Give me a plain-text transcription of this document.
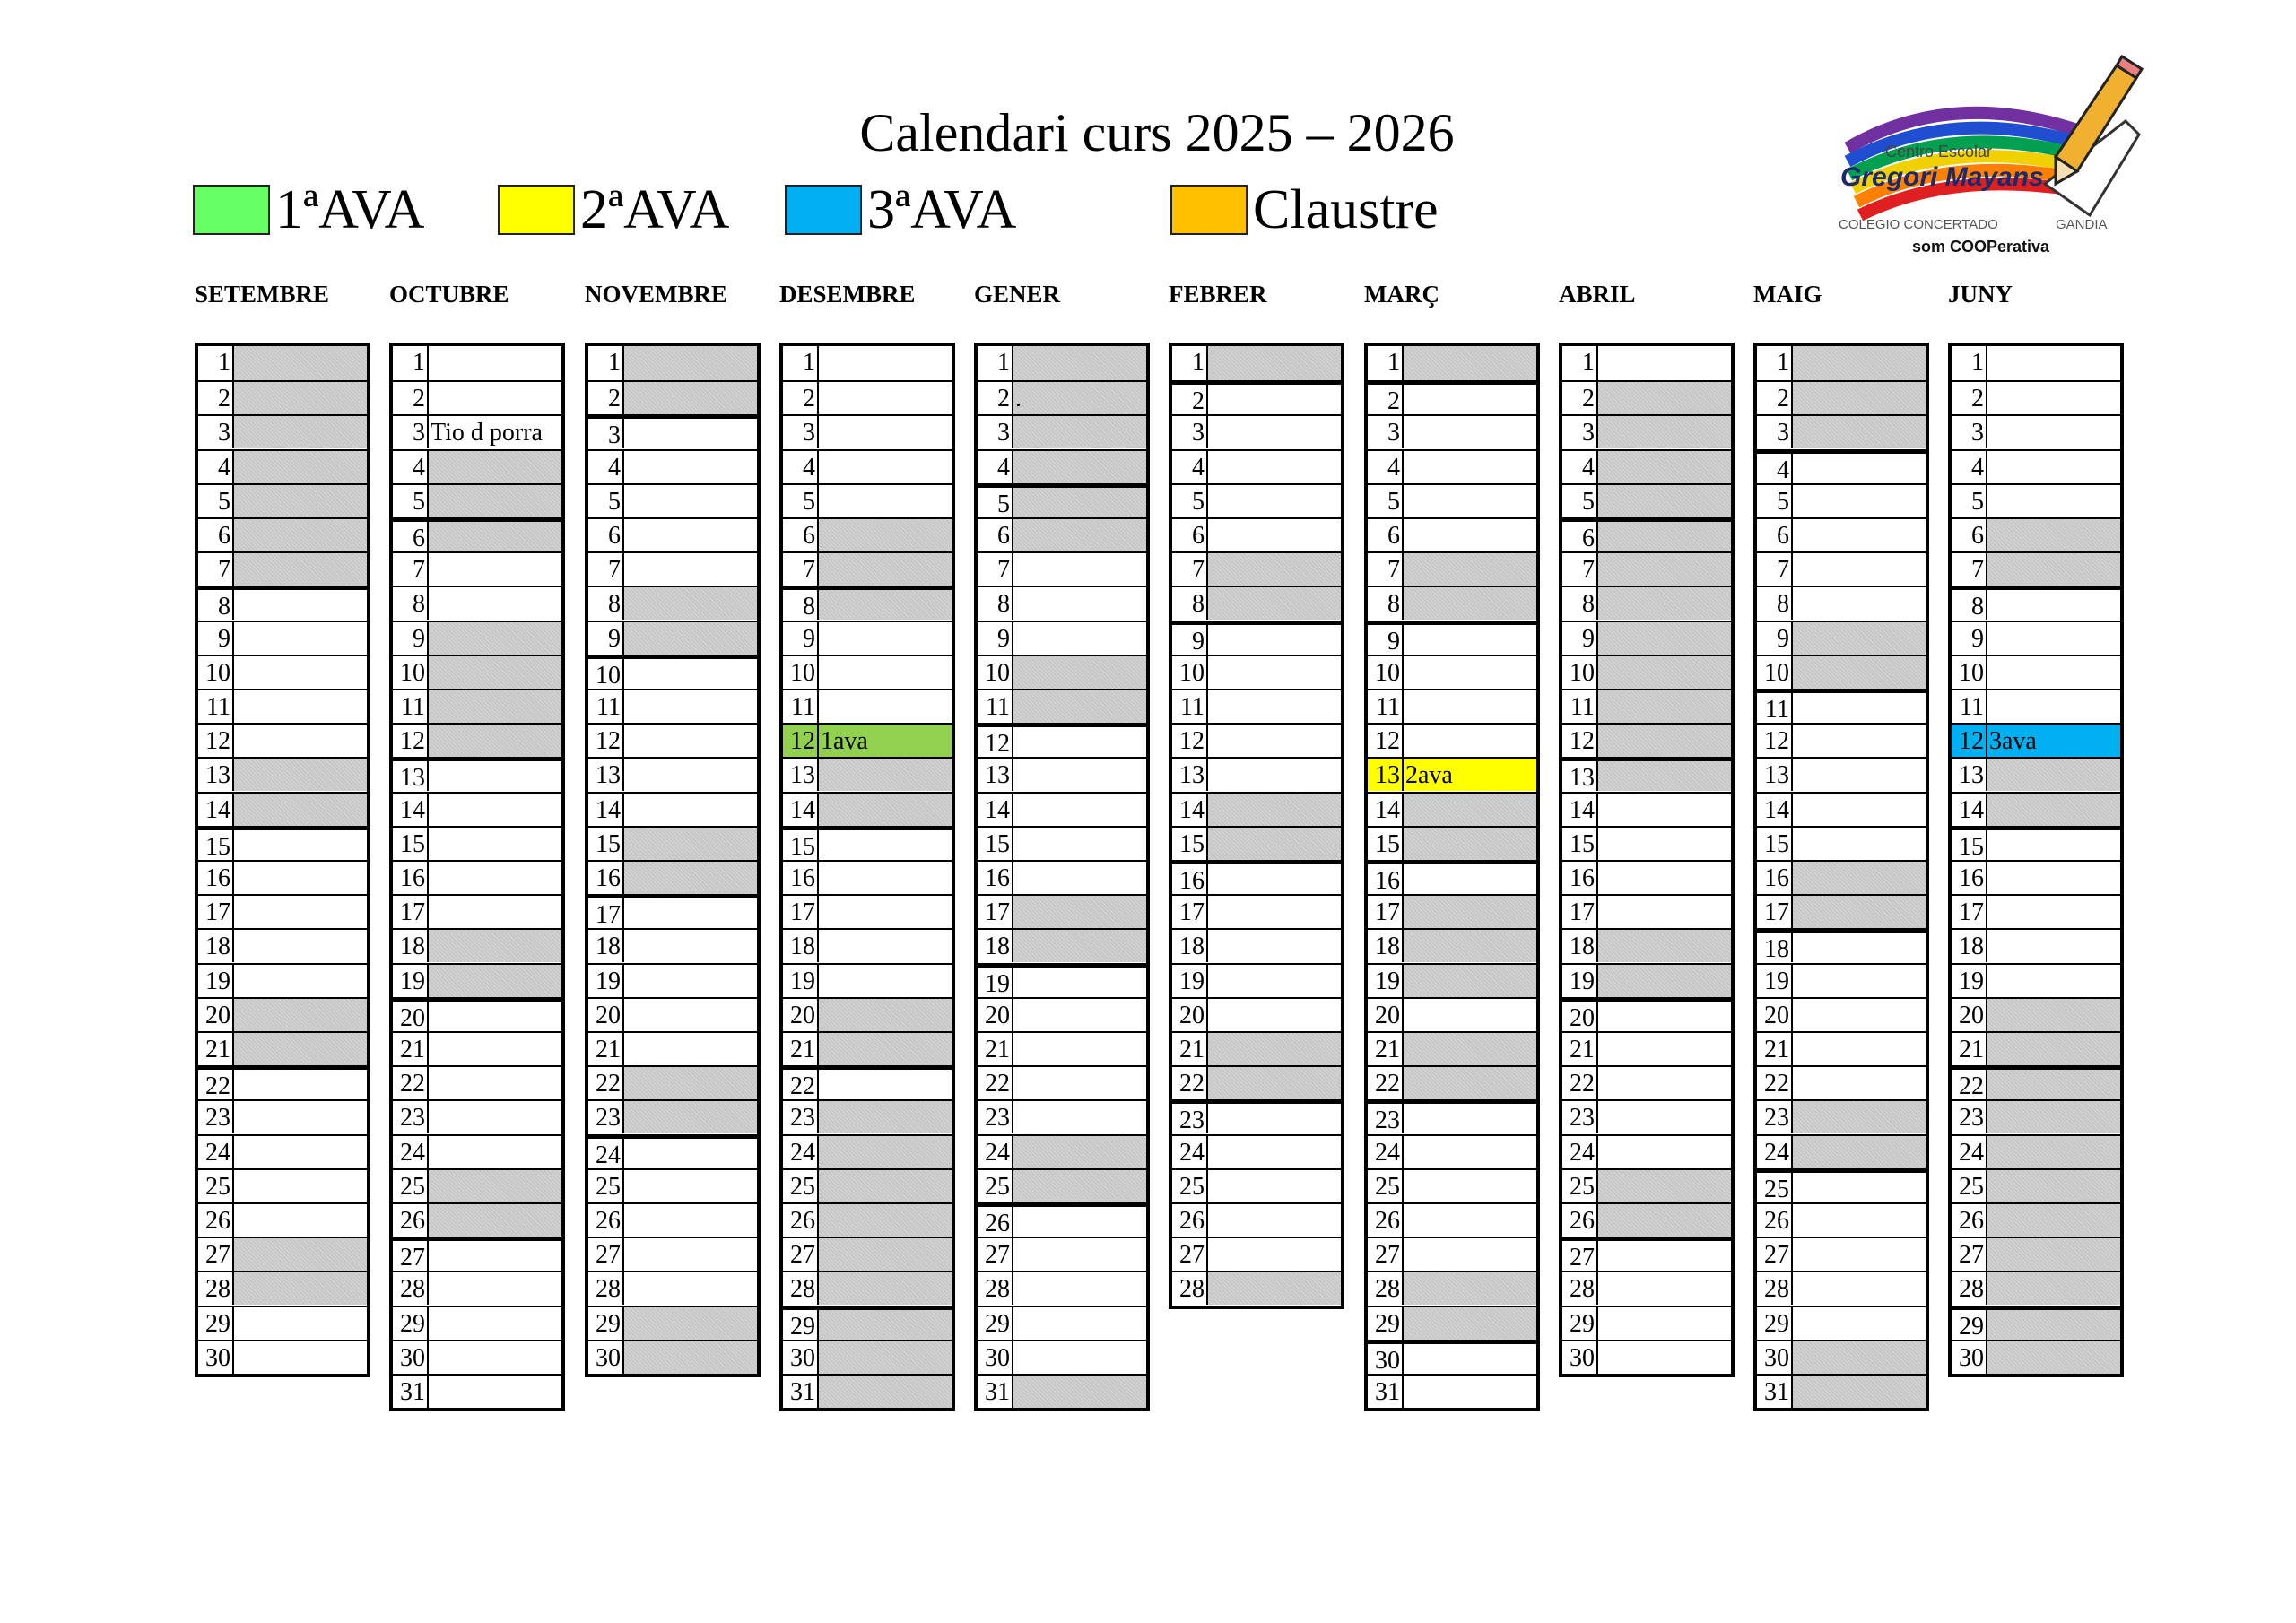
Calendari curs 2025 – 2026
1ªAVA	2ªAVA 3ªAVA	Claustre
Centro Escolar
Gregori Mayans
COLEGIO CONCERTADO	GANDIA
som COOPerativa
SETEMBRE
1
2
3
4
5
6
7
8
9
10
11
12
13
14
15
16
17
18
19
20
21
22
23
24
25
26
27
28
29
30
OCTUBRE
1
2
3 Tio d porra
4
5
6
7
8
9
10
11
12
13
14
15
16
17
18
19
20
21
22
23
24
25
26
27
28
29
30
31
NOVEMBRE
1
2
3
4
5
6
7
8
9
10
11
12
13
14
15
16
17
18
19
20
21
22
23
24
25
26
27
28
29
30
DESEMBRE
1
2
3
4
5
6
7
8
9
10
11
12 1ava
13
14
15
16
17
18
19
20
21
22
23
24
25
26
27
28
29
30
31
GENER
1
2 .
3
4
5
6
7
8
9
10
11
12
13
14
15
16
17
18
19
20
21
22
23
24
25
26
27
28
29
30
31
FEBRER
1
2
3
4
5
6
7
8
9
10
11
12
13
14
15
16
17
18
19
20
21
22
23
24
25
26
27
28
MARÇ
1
2
3
4
5
6
7
8
9
10
11
12
13 2ava
14
15
16
17
18
19
20
21
22
23
24
25
26
27
28
29
30
31
ABRIL
1
2
3
4
5
6
7
8
9
10
11
12
13
14
15
16
17
18
19
20
21
22
23
24
25
26
27
28
29
30
MAIG
1
2
3
4
5
6
7
8
9
10
11
12
13
14
15
16
17
18
19
20
21
22
23
24
25
26
27
28
29
30
31
JUNY
1
2
3
4
5
6
7
8
9
10
11
12 3ava
13
14
15
16
17
18
19
20
21
22
23
24
25
26
27
28
29
30
